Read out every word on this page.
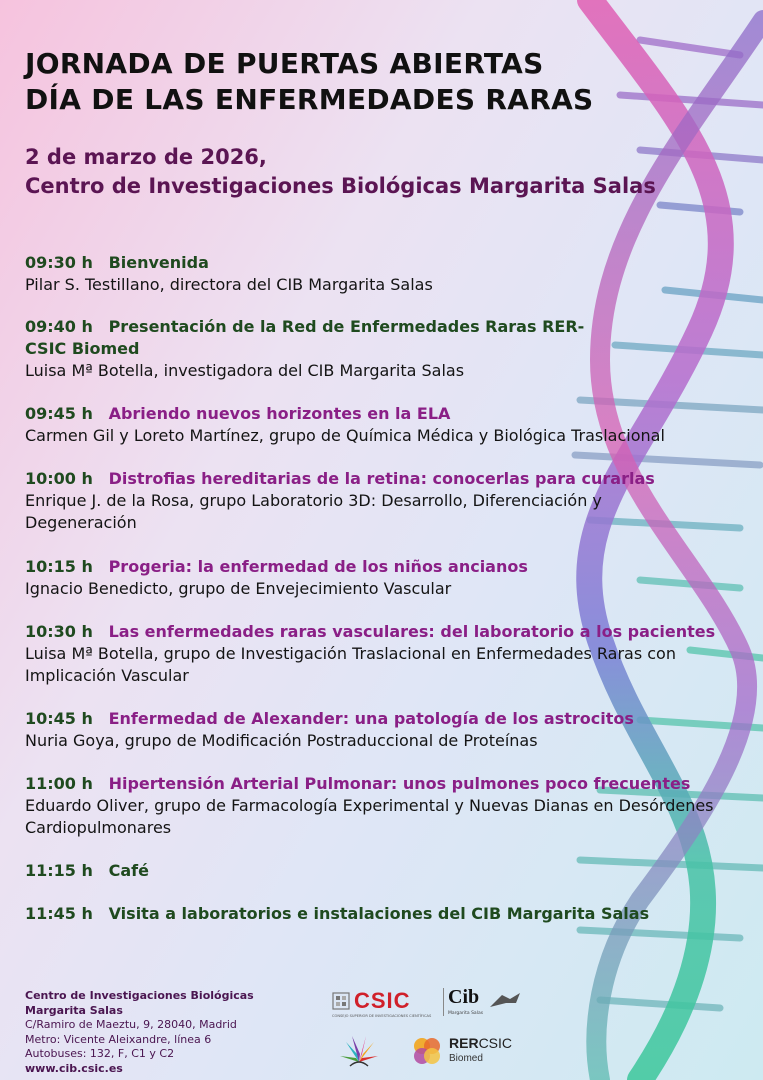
JORNADA DE PUERTAS ABIERTAS
DÍA DE LAS ENFERMEDADES RARAS
2 de marzo de 2026,
Centro de Investigaciones Biológicas Margarita Salas
09:30 h Bienvenida
Pilar S. Testillano, directora del CIB Margarita Salas
09:40 h Presentación de la Red de Enfermedades Raras RER-CSIC Biomed
Luisa Mª Botella, investigadora del CIB Margarita Salas
09:45 h Abriendo nuevos horizontes en la ELA
Carmen Gil y Loreto Martínez, grupo de Química Médica y Biológica Traslacional
10:00 h Distrofias hereditarias de la retina: conocerlas para curarlas
Enrique J. de la Rosa, grupo Laboratorio 3D: Desarrollo, Diferenciación y Degeneración
10:15 h Progeria: la enfermedad de los niños ancianos
Ignacio Benedicto, grupo de Envejecimiento Vascular
10:30 h Las enfermedades raras vasculares: del laboratorio a los pacientes
Luisa Mª Botella, grupo de Investigación Traslacional en Enfermedades Raras con Implicación Vascular
10:45 h Enfermedad de Alexander: una patología de los astrocitos
Nuria Goya, grupo de Modificación Postraduccional de Proteínas
11:00 h Hipertensión Arterial Pulmonar: unos pulmones poco frecuentes
Eduardo Oliver, grupo de Farmacología Experimental y Nuevas Dianas en Desórdenes Cardiopulmonares
11:15 h Café
11:45 h Visita a laboratorios e instalaciones del CIB Margarita Salas
Centro de Investigaciones Biológicas
Margarita Salas
C/Ramiro de Maeztu, 9, 28040, Madrid
Metro: Vicente Aleixandre, línea 6
Autobuses: 132, F, C1 y C2
www.cib.csic.es
CSIC
CONSEJO SUPERIOR DE INVESTIGACIONES CIENTÍFICAS
Cib
Margarita Salas
RERCSIC
Biomed
